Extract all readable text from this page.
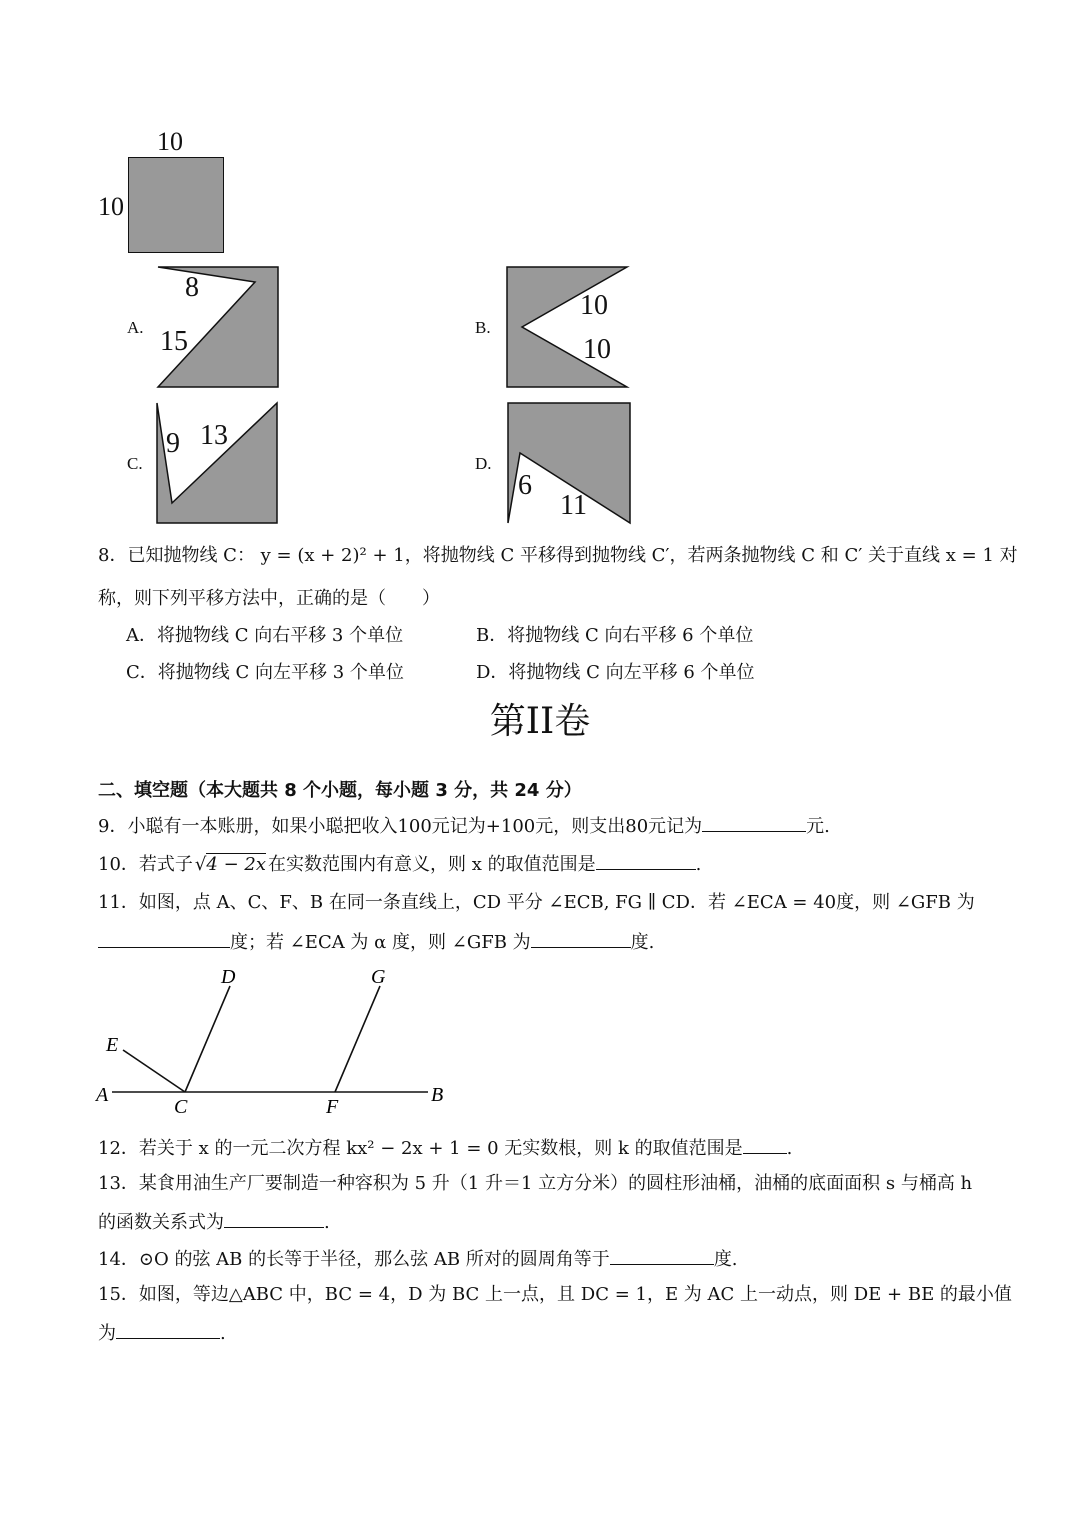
10
10
A.
8
15	B.
10
10
C.
9 13
D.
6
11
8．已知抛物线 C： y = (x + 2)² + 1，将抛物线 C 平移得到抛物线 C′，若两条抛物线 C 和 C′ 关于直线 x = 1 对
称，则下列平移方法中，正确的是（　　）
A．将抛物线 C 向右平移 3 个单位	B．将抛物线 C 向右平移 6 个单位
C．将抛物线 C 向左平移 3 个单位	D．将抛物线 C 向左平移 6 个单位
第II卷
二、填空题（本大题共 8 个小题，每小题 3 分，共 24 分）
9．小聪有一本账册，如果小聪把收入100元记为+100元，则支出80元记为	元.
10．若式子 √4 − 2x 在实数范围内有意义，则 x 的取值范围是	.
11．如图，点 A、C、F、B 在同一条直线上，CD 平分 ∠ECB, FG ∥ CD．若 ∠ECA = 40度，则 ∠GFB 为
度；若 ∠ECA 为 α 度，则 ∠GFB 为	度.
A	B
C
D
E
F
G
12．若关于 x 的一元二次方程 kx² − 2x + 1 = 0 无实数根，则 k 的取值范围是 .
13．某食用油生产厂要制造一种容积为 5 升（1 升＝1 立方分米）的圆柱形油桶，油桶的底面面积 s 与桶高 h
的函数关系式为	.
14．⊙O 的弦 AB 的长等于半径，那么弦 AB 所对的圆周角等于	度.
15．如图，等边△ABC 中，BC = 4，D 为 BC 上一点，且 DC = 1，E 为 AC 上一动点，则 DE + BE 的最小值
为	.
